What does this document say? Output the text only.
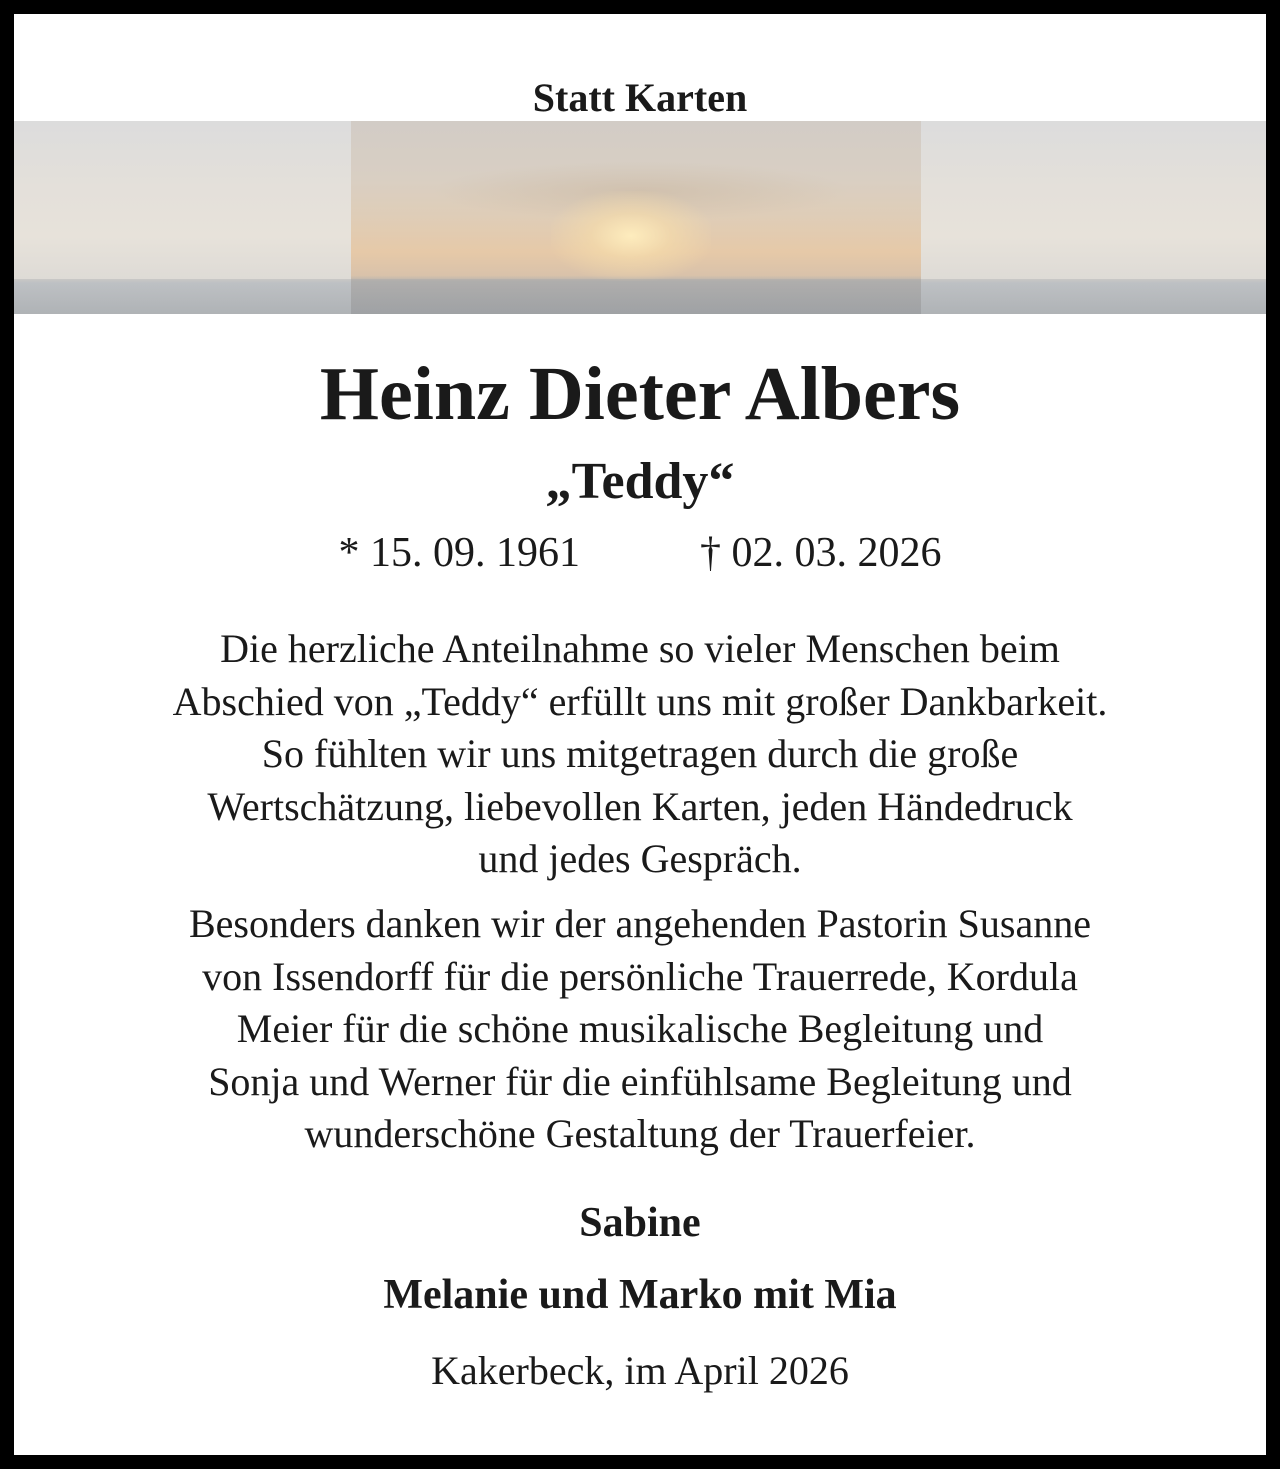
Statt Karten
Heinz Dieter Albers
„Teddy“
* 15. 09. 1961	† 02. 03. 2026
Die herzliche Anteilnahme so vieler Menschen beim
Abschied von „Teddy“ erfüllt uns mit großer Dankbarkeit.
So fühlten wir uns mitgetragen durch die große
Wertschätzung, liebevollen Karten, jeden Händedruck
und jedes Gespräch.
Besonders danken wir der angehenden Pastorin Susanne
von Issendorff für die persönliche Trauerrede, Kordula
Meier für die schöne musikalische Begleitung und
Sonja und Werner für die einfühlsame Begleitung und
wunderschöne Gestaltung der Trauerfeier.
Sabine
Melanie und Marko mit Mia
Kakerbeck, im April 2026
